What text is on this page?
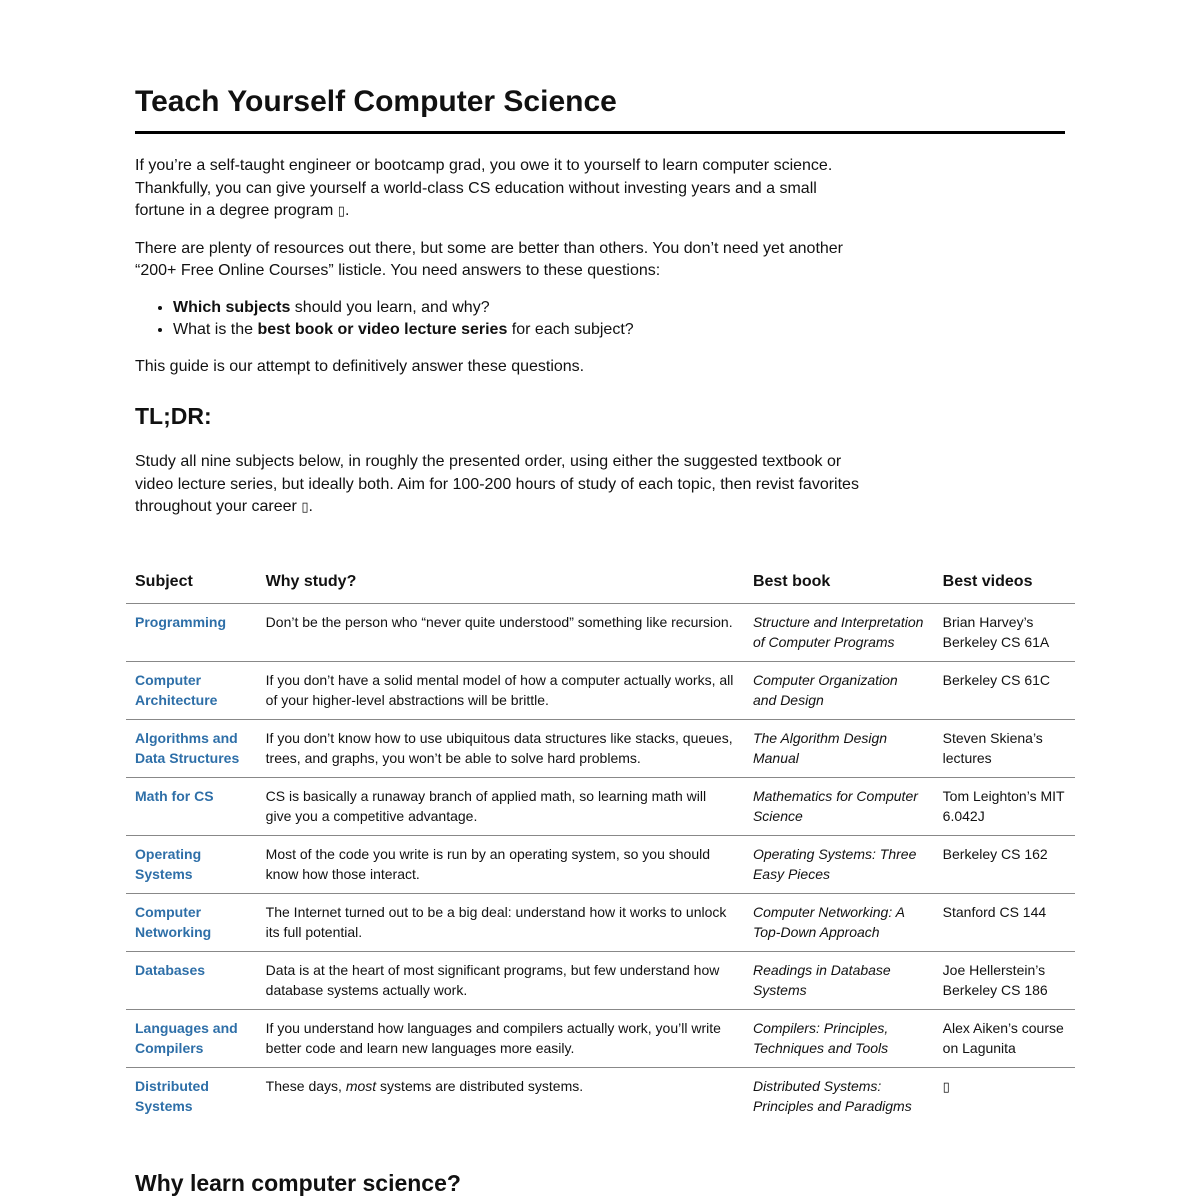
Teach Yourself Computer Science

If you’re a self-taught engineer or bootcamp grad, you owe it to yourself to learn computer science. Thankfully, you can give yourself a world-class CS education without investing years and a small fortune in a degree program ▯.

There are plenty of resources out there, but some are better than others. You don’t need yet another “200+ Free Online Courses” listicle. You need answers to these questions:

• Which subjects should you learn, and why?
• What is the best book or video lecture series for each subject?

This guide is our attempt to definitively answer these questions.

TL;DR:

Study all nine subjects below, in roughly the presented order, using either the suggested textbook or video lecture series, but ideally both. Aim for 100-200 hours of study of each topic, then revist favorites throughout your career ▯.

Subject	Why study?	Best book	Best videos
Programming	Don’t be the person who “never quite understood” something like recursion.	Structure and Interpretation of Computer Programs	Brian Harvey’s Berkeley CS 61A
Computer Architecture	If you don’t have a solid mental model of how a computer actually works, all of your higher-level abstractions will be brittle.	Computer Organization and Design	Berkeley CS 61C
Algorithms and Data Structures	If you don’t know how to use ubiquitous data structures like stacks, queues, trees, and graphs, you won’t be able to solve hard problems.	The Algorithm Design Manual	Steven Skiena’s lectures
Math for CS	CS is basically a runaway branch of applied math, so learning math will give you a competitive advantage.	Mathematics for Computer Science	Tom Leighton’s MIT 6.042J
Operating Systems	Most of the code you write is run by an operating system, so you should know how those interact.	Operating Systems: Three Easy Pieces	Berkeley CS 162
Computer Networking	The Internet turned out to be a big deal: understand how it works to unlock its full potential.	Computer Networking: A Top-Down Approach	Stanford CS 144
Databases	Data is at the heart of most significant programs, but few understand how database systems actually work.	Readings in Database Systems	Joe Hellerstein’s Berkeley CS 186
Languages and Compilers	If you understand how languages and compilers actually work, you’ll write better code and learn new languages more easily.	Compilers: Principles, Techniques and Tools	Alex Aiken’s course on Lagunita
Distributed Systems	These days, most systems are distributed systems.	Distributed Systems: Principles and Paradigms	▯
Why learn computer science?
